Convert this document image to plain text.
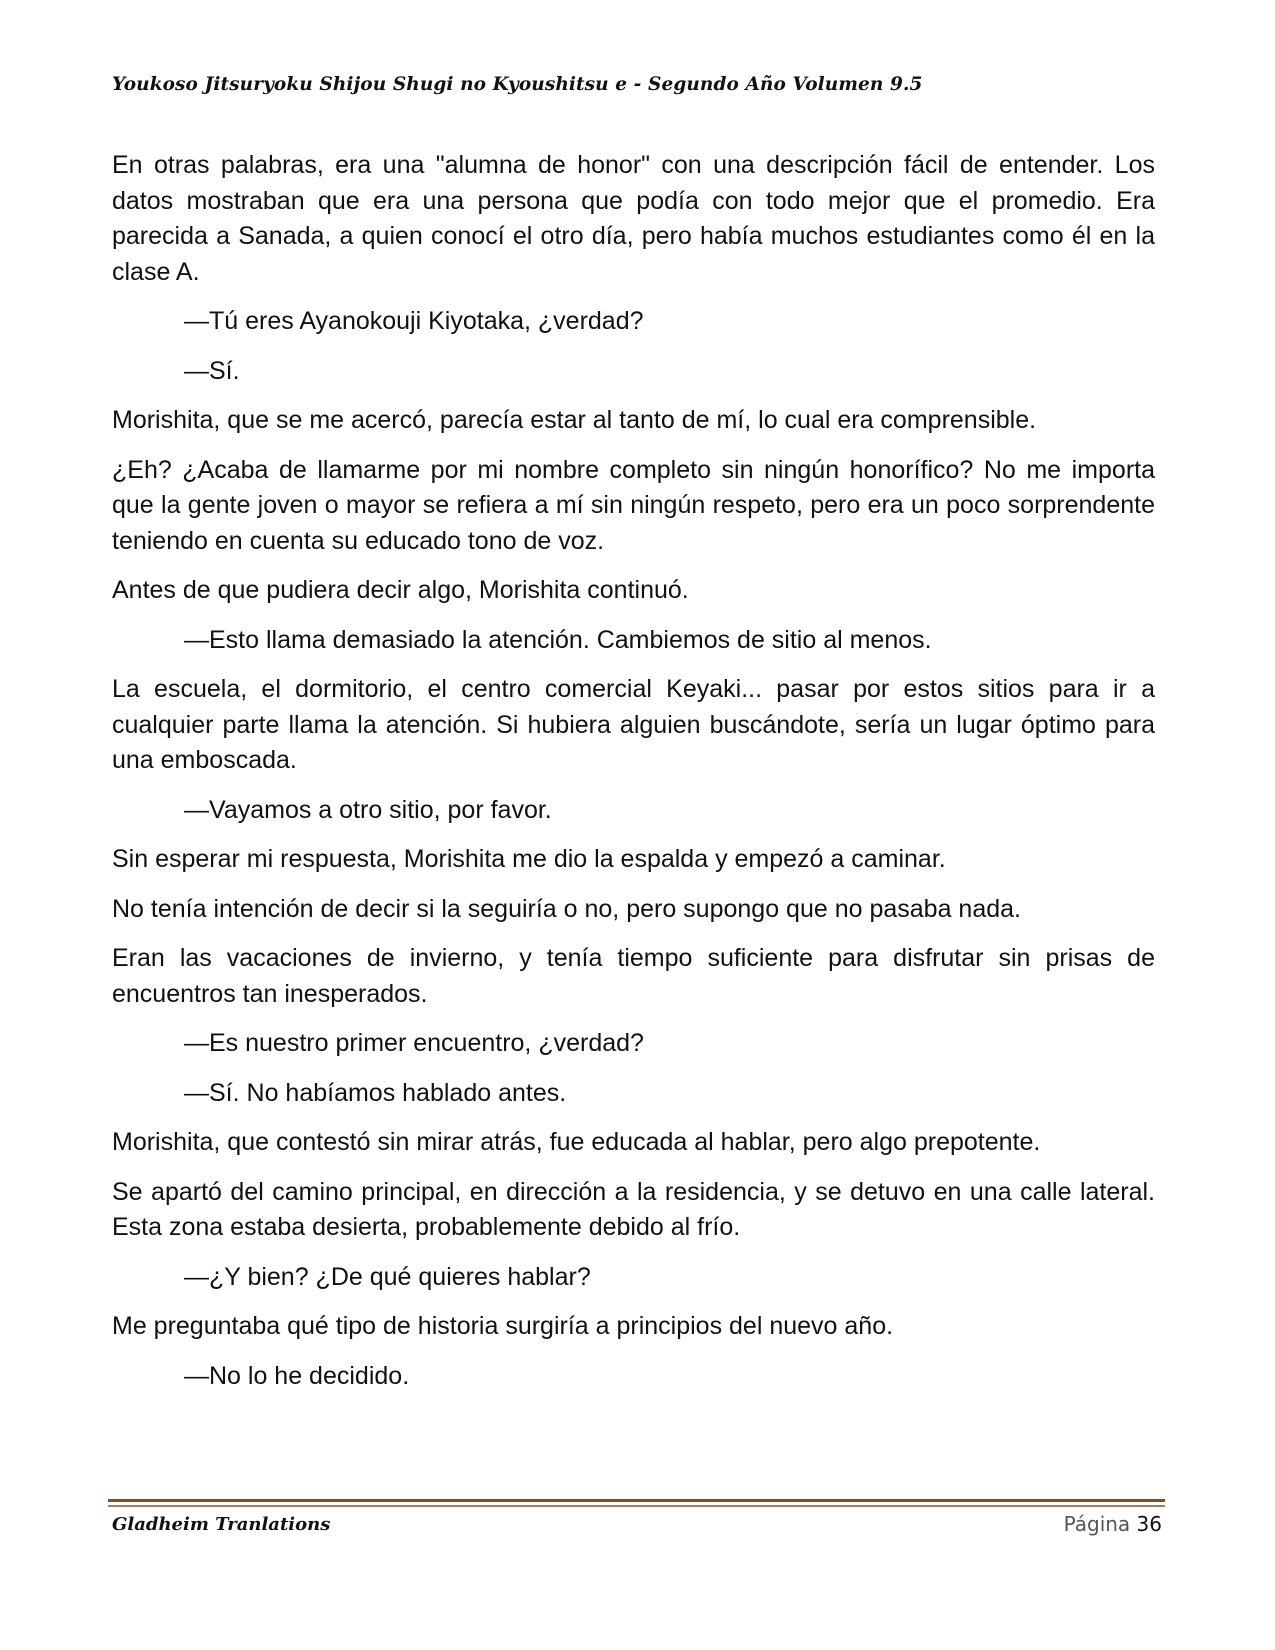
Youkoso Jitsuryoku Shijou Shugi no Kyoushitsu e - Segundo Año Volumen 9.5

En otras palabras, era una "alumna de honor" con una descripción fácil de entender. Los datos mostraban que era una persona que podía con todo mejor que el promedio. Era parecida a Sanada, a quien conocí el otro día, pero había muchos estudiantes como él en la clase A.

—Tú eres Ayanokouji Kiyotaka, ¿verdad?

—Sí.

Morishita, que se me acercó, parecía estar al tanto de mí, lo cual era comprensible.

¿Eh? ¿Acaba de llamarme por mi nombre completo sin ningún honorífico? No me importa que la gente joven o mayor se refiera a mí sin ningún respeto, pero era un poco sorprendente teniendo en cuenta su educado tono de voz.

Antes de que pudiera decir algo, Morishita continuó.

—Esto llama demasiado la atención. Cambiemos de sitio al menos.

La escuela, el dormitorio, el centro comercial Keyaki... pasar por estos sitios para ir a cualquier parte llama la atención. Si hubiera alguien buscándote, sería un lugar óptimo para una emboscada.

—Vayamos a otro sitio, por favor.

Sin esperar mi respuesta, Morishita me dio la espalda y empezó a caminar.

No tenía intención de decir si la seguiría o no, pero supongo que no pasaba nada.

Eran las vacaciones de invierno, y tenía tiempo suficiente para disfrutar sin prisas de encuentros tan inesperados.

—Es nuestro primer encuentro, ¿verdad?

—Sí. No habíamos hablado antes.

Morishita, que contestó sin mirar atrás, fue educada al hablar, pero algo prepotente.

Se apartó del camino principal, en dirección a la residencia, y se detuvo en una calle lateral. Esta zona estaba desierta, probablemente debido al frío.

—¿Y bien? ¿De qué quieres hablar?

Me preguntaba qué tipo de historia surgiría a principios del nuevo año.

—No lo he decidido.

Gladheim Tranlations	Página 36
